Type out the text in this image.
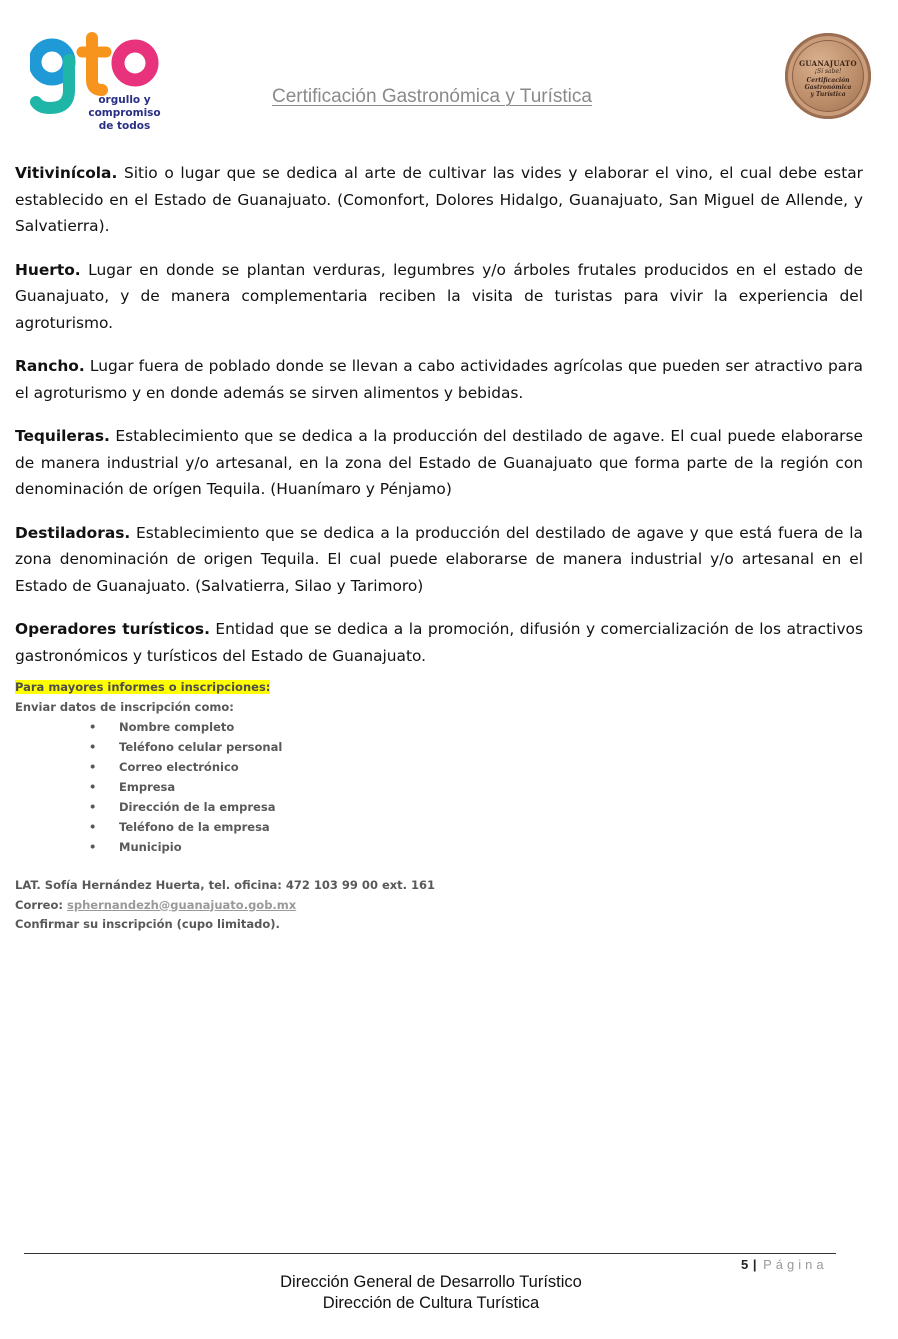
orgullo y
compromiso
de todos
Certificación Gastronómica y Turística
GUANAJUATO
¡Sí sabe!
Certificación
Gastronómica
y Turística

Vitivinícola. Sitio o lugar que se dedica al arte de cultivar las vides y elaborar el vino, el cual debe estar establecido en el Estado de Guanajuato. (Comonfort, Dolores Hidalgo, Guanajuato, San Miguel de Allende, y Salvatierra).

Huerto. Lugar en donde se plantan verduras, legumbres y/o árboles frutales producidos en el estado de Guanajuato, y de manera complementaria reciben la visita de turistas para vivir la experiencia del agroturismo.

Rancho. Lugar fuera de poblado donde se llevan a cabo actividades agrícolas que pueden ser atractivo para el agroturismo y en donde además se sirven alimentos y bebidas.

Tequileras. Establecimiento que se dedica a la producción del destilado de agave. El cual puede elaborarse de manera industrial y/o artesanal, en la zona del Estado de Guanajuato que forma parte de la región con denominación de orígen Tequila. (Huanímaro y Pénjamo)

Destiladoras. Establecimiento que se dedica a la producción del destilado de agave y que está fuera de la zona denominación de origen Tequila. El cual puede elaborarse de manera industrial y/o artesanal en el Estado de Guanajuato. (Salvatierra, Silao y Tarimoro)

Operadores turísticos. Entidad que se dedica a la promoción, difusión y comercialización de los atractivos gastronómicos y turísticos del Estado de Guanajuato.

Para mayores informes o inscripciones:
Enviar datos de inscripción como:
• Nombre completo
• Teléfono celular personal
• Correo electrónico
• Empresa
• Dirección de la empresa
• Teléfono de la empresa
• Municipio
LAT. Sofía Hernández Huerta, tel. oficina: 472 103 99 00 ext. 161
Correo: sphernandezh@guanajuato.gob.mx
Confirmar su inscripción (cupo limitado).
5 | Página
Dirección General de Desarrollo Turístico
Dirección de Cultura Turística
